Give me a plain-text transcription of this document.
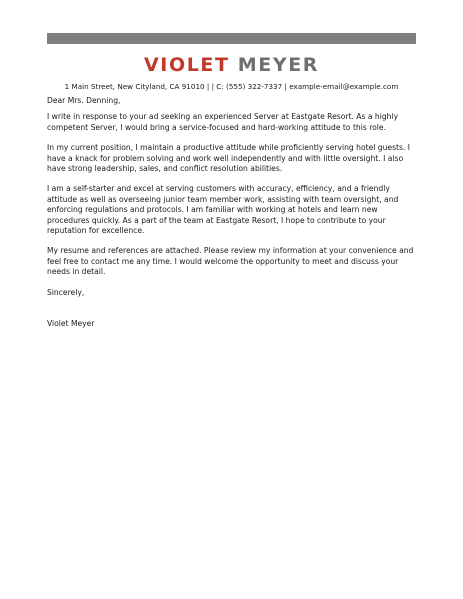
VIOLET MEYER
1 Main Street, New Cityland, CA 91010 | | C: (555) 322-7337 | example-email@example.com

Dear Mrs. Denning,

I write in response to your ad seeking an experienced Server at Eastgate Resort. As a highly
competent Server, I would bring a service-focused and hard-working attitude to this role.

In my current position, I maintain a productive attitude while proficiently serving hotel guests. I
have a knack for problem solving and work well independently and with little oversight. I also
have strong leadership, sales, and conflict resolution abilities.

I am a self-starter and excel at serving customers with accuracy, efficiency, and a friendly
attitude as well as overseeing junior team member work, assisting with team oversight, and
enforcing regulations and protocols. I am familiar with working at hotels and learn new
procedures quickly. As a part of the team at Eastgate Resort, I hope to contribute to your
reputation for excellence.

My resume and references are attached. Please review my information at your convenience and
feel free to contact me any time. I would welcome the opportunity to meet and discuss your
needs in detail.

Sincerely,

Violet Meyer
